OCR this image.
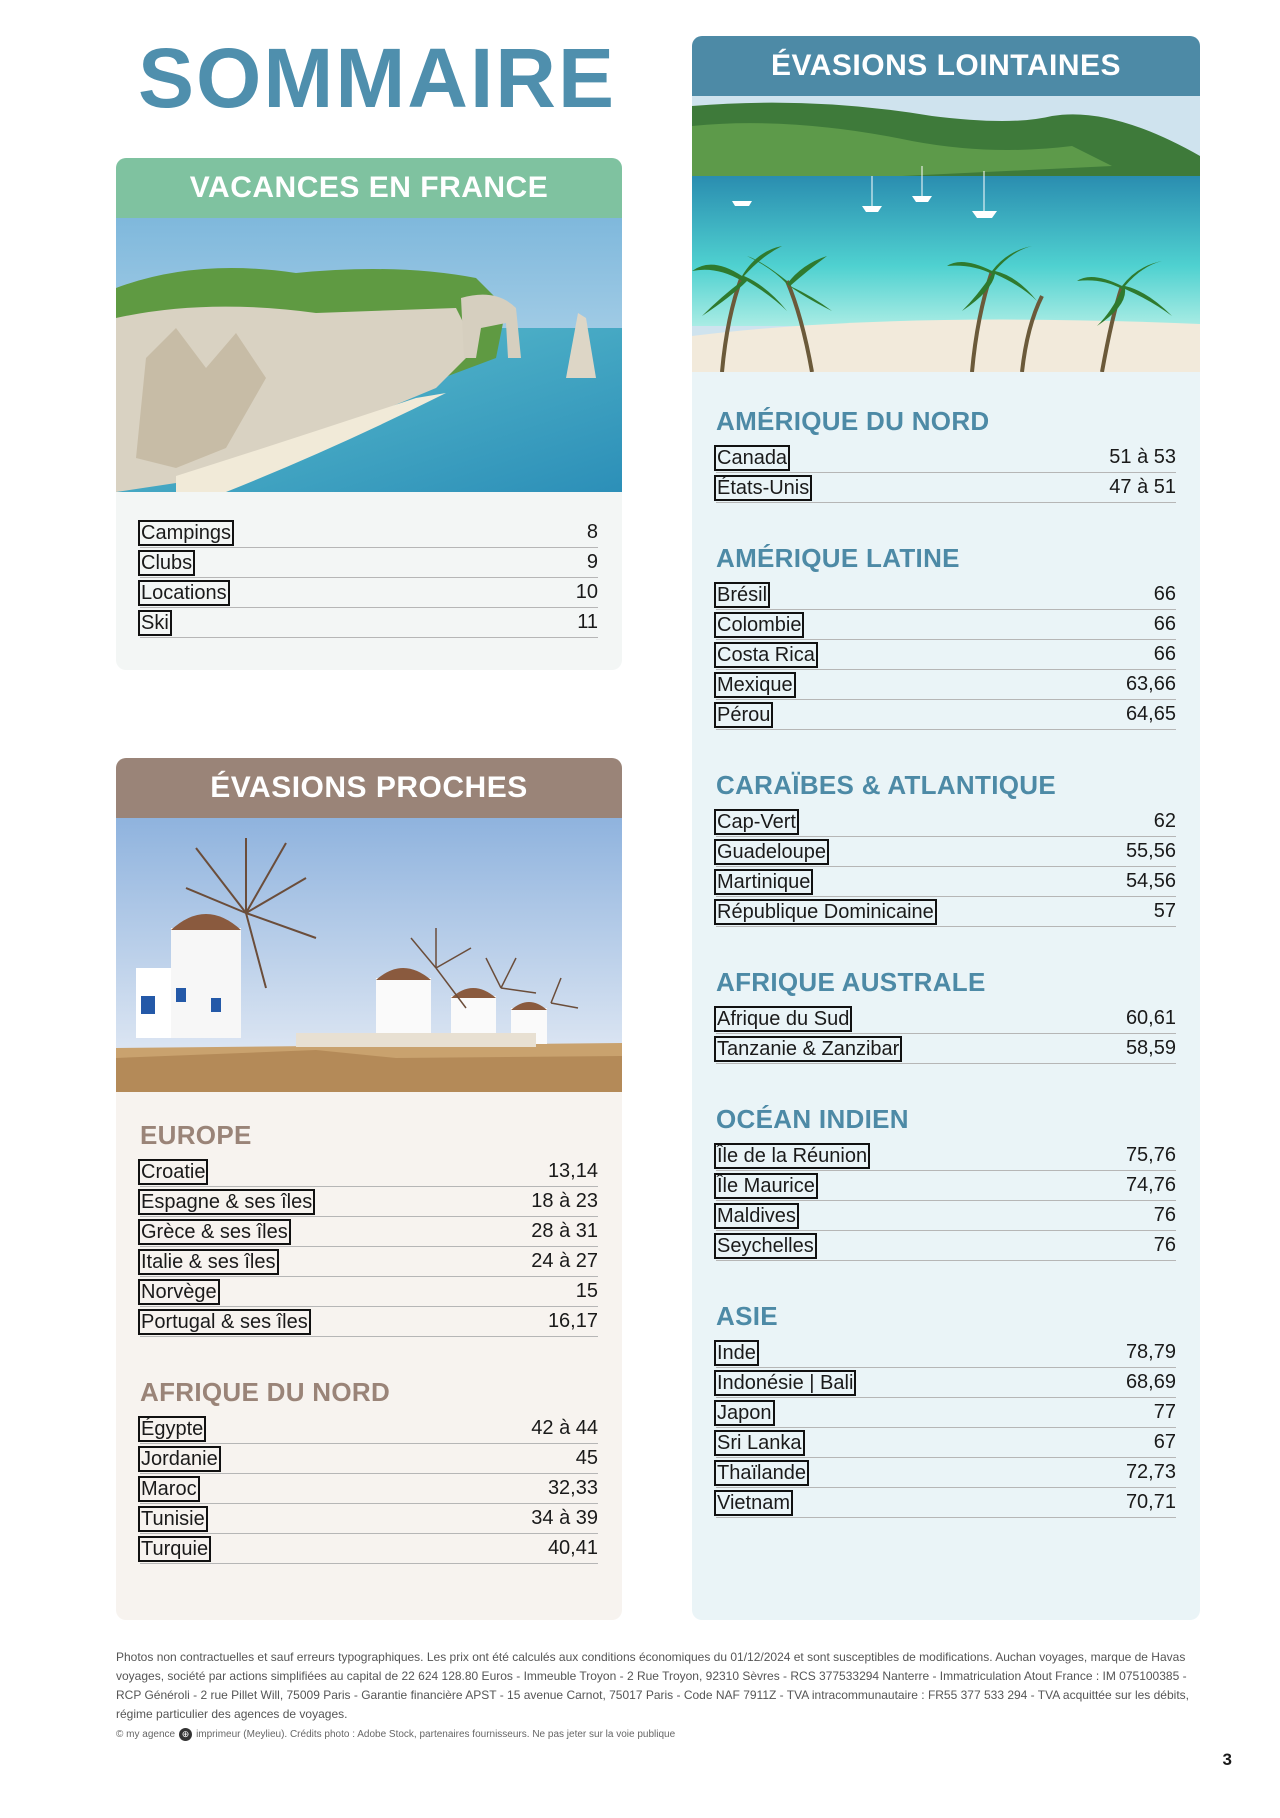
SOMMAIRE
VACANCES EN FRANCE
Campings	8
Clubs	9
Locations	10
Ski	11
ÉVASIONS PROCHES
EUROPE
Croatie	13,14
Espagne & ses îles	18 à 23
Grèce & ses îles	28 à 31
Italie & ses îles	24 à 27
Norvège	15
Portugal & ses îles	16,17
AFRIQUE DU NORD
Égypte	42 à 44
Jordanie	45
Maroc	32,33
Tunisie	34 à 39
Turquie	40,41
ÉVASIONS LOINTAINES
AMÉRIQUE DU NORD
Canada	51 à 53
États-Unis	47 à 51
AMÉRIQUE LATINE
Brésil	66
Colombie	66
Costa Rica	66
Mexique	63,66
Pérou	64,65
CARAÏBES & ATLANTIQUE
Cap-Vert	62
Guadeloupe	55,56
Martinique	54,56
République Dominicaine	57
AFRIQUE AUSTRALE
Afrique du Sud	60,61
Tanzanie & Zanzibar	58,59
OCÉAN INDIEN
Île de la Réunion	75,76
Île Maurice	74,76
Maldives	76
Seychelles	76
ASIE
Inde	78,79
Indonésie | Bali	68,69
Japon	77
Sri Lanka	67
Thaïlande	72,73
Vietnam	70,71
Photos non contractuelles et sauf erreurs typographiques. Les prix ont été calculés aux conditions économiques du 01/12/2024 et sont susceptibles de modifications. Auchan voyages, marque de Havas voyages, société par actions simplifiées au capital de 22 624 128.80 Euros - Immeuble Troyon - 2 Rue Troyon, 92310 Sèvres - RCS 377533294 Nanterre - Immatriculation Atout France : IM 075100385 - RCP Généroli - 2 rue Pillet Will, 75009 Paris - Garantie financière APST - 15 avenue Carnot, 75017 Paris - Code NAF 7911Z - TVA intracommunautaire : FR55 377 533 294 - TVA acquittée sur les débits, régime particulier des agences de voyages.
© my agence ⊕ imprimeur (Meylieu). Crédits photo : Adobe Stock, partenaires fournisseurs. Ne pas jeter sur la voie publique
3
